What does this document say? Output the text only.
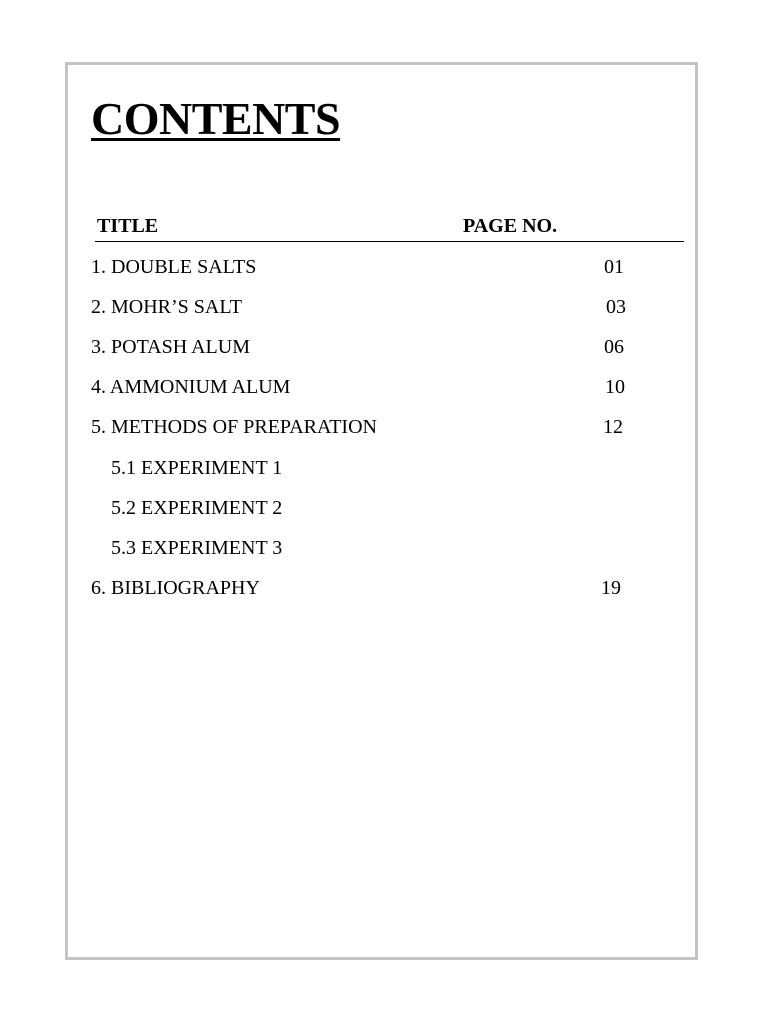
CONTENTS
TITLE	PAGE NO.
1. DOUBLE SALTS	01
2. MOHR’S SALT	03
3. POTASH ALUM	06
4. AMMONIUM ALUM	10
5. METHODS OF PREPARATION	12
5.1 EXPERIMENT 1
5.2 EXPERIMENT 2
5.3 EXPERIMENT 3
6. BIBLIOGRAPHY	19
